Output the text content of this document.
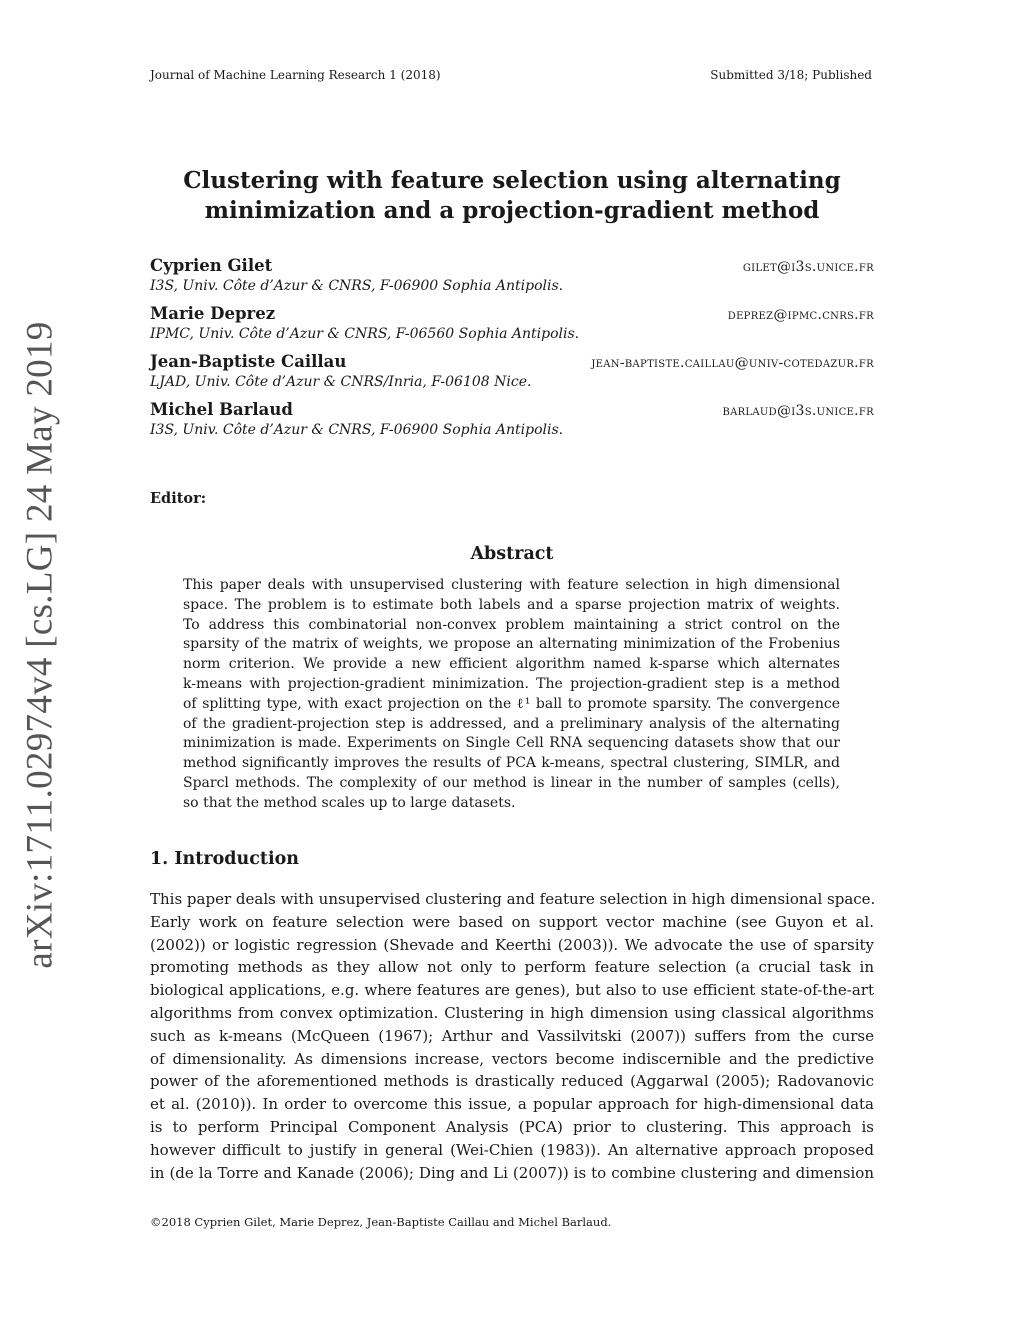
Journal of Machine Learning Research 1 (2018)	Submitted 3/18; Published
arXiv:1711.02974v4 [cs.LG] 24 May 2019
Clustering with feature selection using alternating
minimization and a projection-gradient method
Cyprien Gilet	gilet@i3s.unice.fr
I3S, Univ. Côte d’Azur & CNRS, F-06900 Sophia Antipolis.
Marie Deprez	deprez@ipmc.cnrs.fr
IPMC, Univ. Côte d’Azur & CNRS, F-06560 Sophia Antipolis.
Jean-Baptiste Caillau	jean-baptiste.caillau@univ-cotedazur.fr
LJAD, Univ. Côte d’Azur & CNRS/Inria, F-06108 Nice.
Michel Barlaud	barlaud@i3s.unice.fr
I3S, Univ. Côte d’Azur & CNRS, F-06900 Sophia Antipolis.
Editor:
Abstract
This paper deals with unsupervised clustering with feature selection in high dimensional
space. The problem is to estimate both labels and a sparse projection matrix of weights.
To address this combinatorial non-convex problem maintaining a strict control on the
sparsity of the matrix of weights, we propose an alternating minimization of the Frobenius
norm criterion. We provide a new efficient algorithm named k-sparse which alternates
k-means with projection-gradient minimization. The projection-gradient step is a method
of splitting type, with exact projection on the ℓ¹ ball to promote sparsity. The convergence
of the gradient-projection step is addressed, and a preliminary analysis of the alternating
minimization is made. Experiments on Single Cell RNA sequencing datasets show that our
method significantly improves the results of PCA k-means, spectral clustering, SIMLR, and
Sparcl methods. The complexity of our method is linear in the number of samples (cells),
so that the method scales up to large datasets.
1. Introduction
This paper deals with unsupervised clustering and feature selection in high dimensional space.
Early work on feature selection were based on support vector machine (see Guyon et al.
(2002)) or logistic regression (Shevade and Keerthi (2003)). We advocate the use of sparsity
promoting methods as they allow not only to perform feature selection (a crucial task in
biological applications, e.g. where features are genes), but also to use efficient state-of-the-art
algorithms from convex optimization. Clustering in high dimension using classical algorithms
such as k-means (McQueen (1967); Arthur and Vassilvitski (2007)) suffers from the curse
of dimensionality. As dimensions increase, vectors become indiscernible and the predictive
power of the aforementioned methods is drastically reduced (Aggarwal (2005); Radovanovic
et al. (2010)). In order to overcome this issue, a popular approach for high-dimensional data
is to perform Principal Component Analysis (PCA) prior to clustering. This approach is
however difficult to justify in general (Wei-Chien (1983)). An alternative approach proposed
in (de la Torre and Kanade (2006); Ding and Li (2007)) is to combine clustering and dimension
©2018 Cyprien Gilet, Marie Deprez, Jean-Baptiste Caillau and Michel Barlaud.
